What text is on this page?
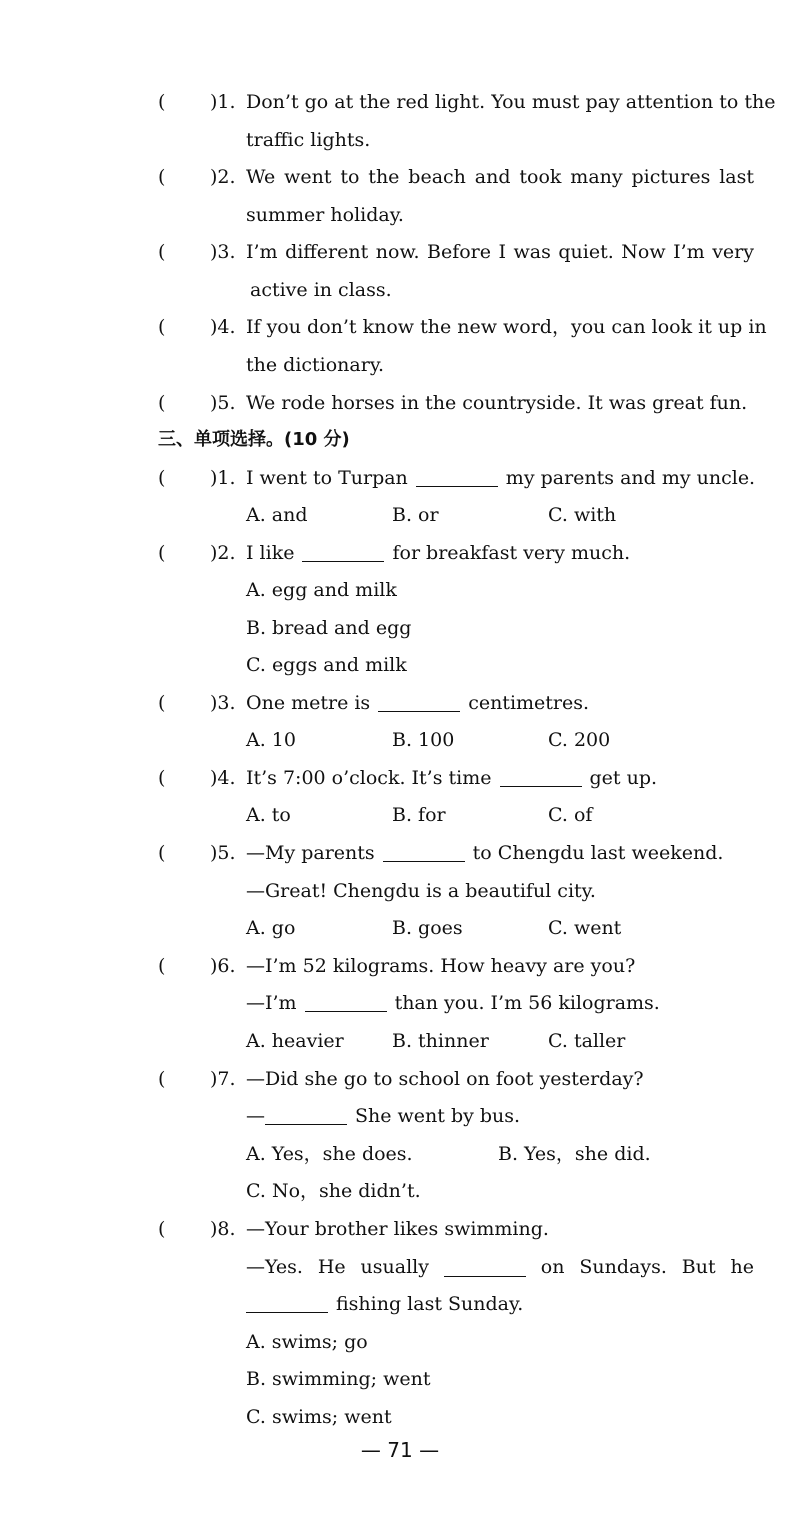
( )1. Don’t go at the red light. You must pay attention to the
traffic lights.
( )2. We went to the beach and took many pictures last
summer holiday.
( )3. I’m different now. Before I was quiet. Now I’m very
active in class.
( )4. If you don’t know the new word，you can look it up in
the dictionary.
( )5. We rode horses in the countryside. It was great fun.
三、单项选择。(10 分)
( )1. I went to Turpan	my parents and my uncle.
A. and	B. or	C. with
( )2. I like	for breakfast very much.
A. egg and milk
B. bread and egg
C. eggs and milk
( )3. One metre is	centimetres.
A. 10	B. 100	C. 200
( )4. It’s 7:00 o’clock. It’s time	get up.
A. to	B. for	C. of
( )5. —My parents	to Chengdu last weekend.
—Great! Chengdu is a beautiful city.
A. go	B. goes	C. went
( )6. —I’m 52 kilograms. How heavy are you?
—I’m	than you. I’m 56 kilograms.
A. heavier	B. thinner	C. taller
( )7. —Did she go to school on foot yesterday?
—	She went by bus.
A. Yes，she does.	B. Yes，she did.
C. No，she didn’t.
( )8. —Your brother likes swimming.
—Yes. He usually	on Sundays. But he
fishing last Sunday.
A. swims; go
B. swimming; went
C. swims; went
— 71 —
